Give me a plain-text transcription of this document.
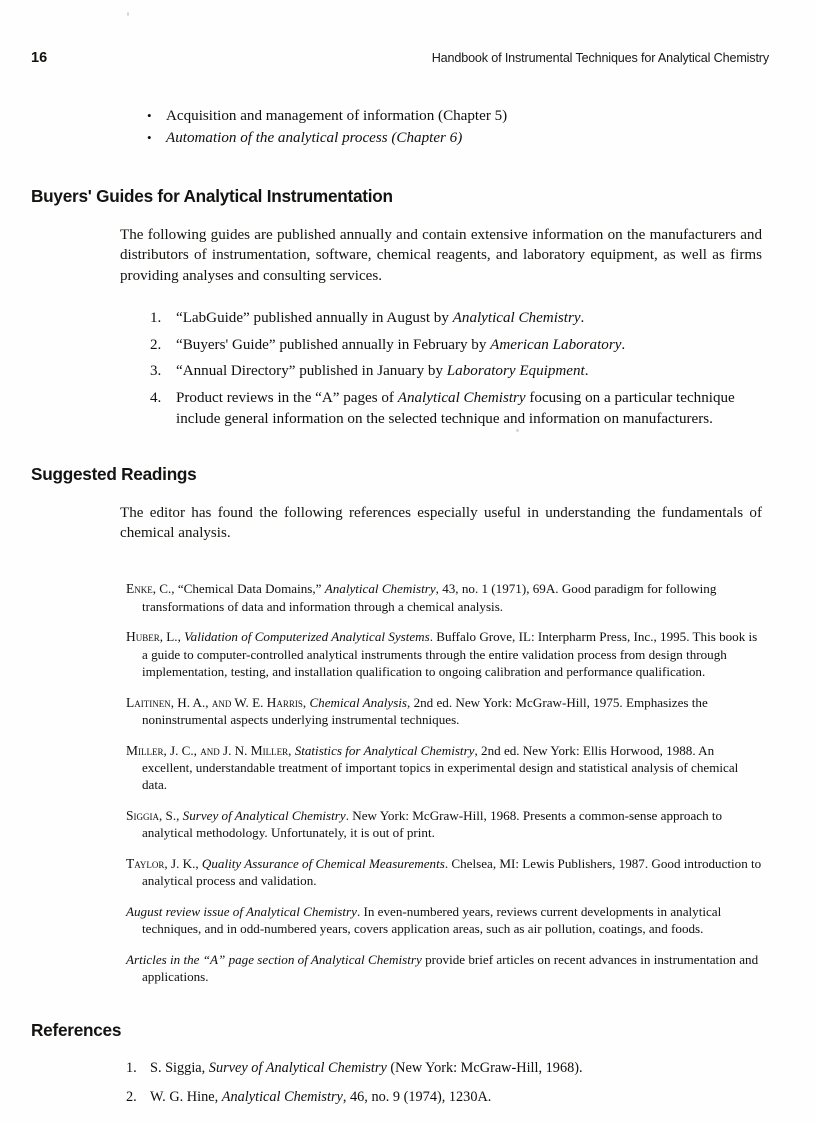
16	Handbook of Instrumental Techniques for Analytical Chemistry
• Acquisition and management of information (Chapter 5)
• Automation of the analytical process (Chapter 6)
Buyers' Guides for Analytical Instrumentation

The following guides are published annually and contain extensive information on the manufacturers and distributors of instrumentation, software, chemical reagents, and laboratory equipment, as well as firms providing analyses and consulting services.

1. “LabGuide” published annually in August by Analytical Chemistry.
2. “Buyers' Guide” published annually in February by American Laboratory.
3. “Annual Directory” published in January by Laboratory Equipment.
4. Product reviews in the “A” pages of Analytical Chemistry focusing on a particular technique include general information on the selected technique and information on manufacturers.
Suggested Readings

The editor has found the following references especially useful in understanding the fundamentals of chemical analysis.

Enke, C., “Chemical Data Domains,” Analytical Chemistry, 43, no. 1 (1971), 69A. Good paradigm for following transformations of data and information through a chemical analysis.

Huber, L., Validation of Computerized Analytical Systems. Buffalo Grove, IL: Interpharm Press, Inc., 1995. This book is a guide to computer-controlled analytical instruments through the entire validation process from design through implementation, testing, and installation qualification to ongoing calibration and performance qualification.

Laitinen, H. A., and W. E. Harris, Chemical Analysis, 2nd ed. New York: McGraw-Hill, 1975. Emphasizes the noninstrumental aspects underlying instrumental techniques.

Miller, J. C., and J. N. Miller, Statistics for Analytical Chemistry, 2nd ed. New York: Ellis Horwood, 1988. An excellent, understandable treatment of important topics in experimental design and statistical analysis of chemical data.

Siggia, S., Survey of Analytical Chemistry. New York: McGraw-Hill, 1968. Presents a common-sense approach to analytical methodology. Unfortunately, it is out of print.

Taylor, J. K., Quality Assurance of Chemical Measurements. Chelsea, MI: Lewis Publishers, 1987. Good introduction to analytical process and validation.

August review issue of Analytical Chemistry. In even-numbered years, reviews current developments in analytical techniques, and in odd-numbered years, covers application areas, such as air pollution, coatings, and foods.

Articles in the “A” page section of Analytical Chemistry provide brief articles on recent advances in instrumentation and applications.

References
1. S. Siggia, Survey of Analytical Chemistry (New York: McGraw-Hill, 1968).
2. W. G. Hine, Analytical Chemistry, 46, no. 9 (1974), 1230A.
